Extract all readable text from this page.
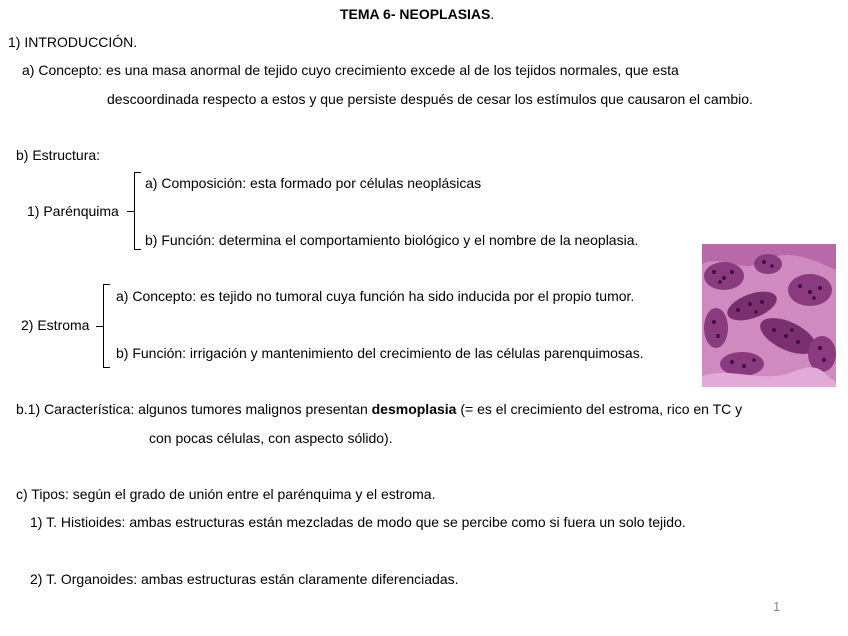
TEMA 6- NEOPLASIAS.
1) INTRODUCCIÓN.
a) Concepto: es una masa anormal de tejido cuyo crecimiento excede al de los tejidos normales, que esta
descoordinada respecto a estos y que persiste después de cesar los estímulos que causaron el cambio.
b) Estructura:
1) Parénquima
a) Composición: esta formado por células neoplásicas
b) Función: determina el comportamiento biológico y el nombre de la neoplasia.
2) Estroma
a) Concepto: es tejido no tumoral cuya función ha sido inducida por el propio tumor.
b) Función: irrigación y mantenimiento del crecimiento de las células parenquimosas.
b.1) Característica: algunos tumores malignos presentan desmoplasia (= es el crecimiento del estroma, rico en TC y
con pocas células, con aspecto sólido).
c) Tipos: según el grado de unión entre el parénquima y el estroma.
1) T. Histioides: ambas estructuras están mezcladas de modo que se percibe como si fuera un solo tejido.
2) T. Organoides: ambas estructuras están claramente diferenciadas.
1
